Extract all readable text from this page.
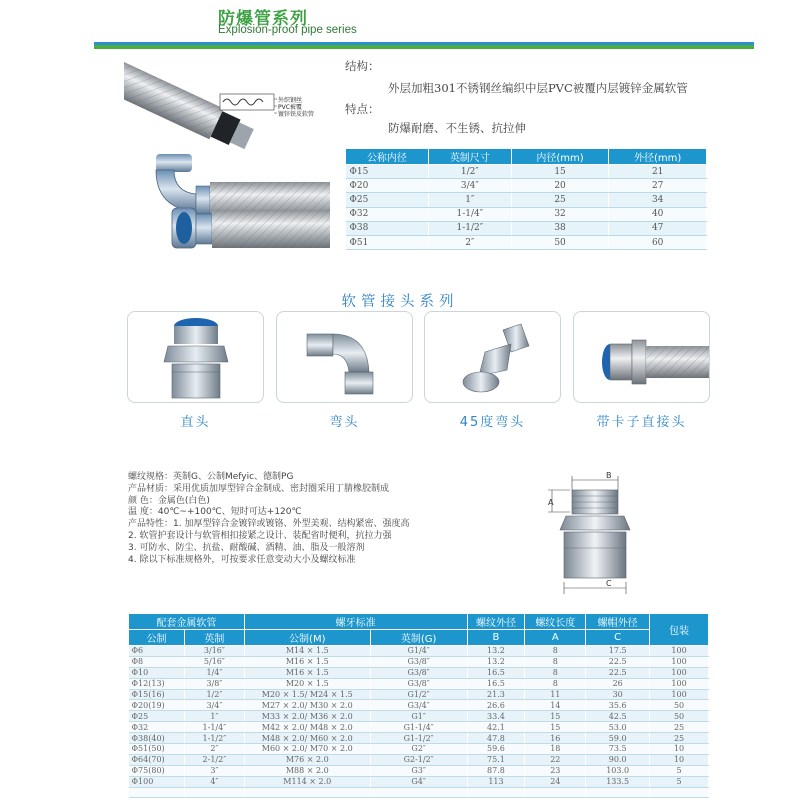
防爆管系列
Explosion-proof pipe series
外织钢丝
PVC被覆
镀锌铁皮软管
结构：
外层加粗301不锈钢丝编织中层PVC被覆内层镀锌金属软管
特点：
防爆耐磨、不生锈、抗拉伸
公称内径	英制尺寸	内径(mm)	外径(mm)
Φ15	1/2″	15	21
Φ20	3/4″	20	27
Φ25	1″	25	34
Φ32	1-1/4″	32	40
Φ38	1-1/2″	38	47
Φ51	2″	50	60
软管接头系列
直头	弯头	45度弯头	带卡子直接头
螺纹规格：英制G、公制Mefyic、德制PG
产品材质：采用优质加厚型锌合金制成、密封圈采用丁腈橡胶制成
颜 色：金属色(白色)
温 度：40℃~+100℃、短时可达+120℃
产品特性：1. 加厚型锌合金镀锌或镀铬、外型美观、结构紧密、强度高
2. 软管护套设计与软管相扣接紧之设计、装配省时便利，抗拉力强
3. 可防水、防尘、抗盐、耐酸碱、酒精、油、脂及一般溶剂
4. 除以下标准规格外，可按要求任意变动大小及螺纹标准
B
A
C
配套金属软管		螺牙标准		螺纹外径	螺纹长度	螺帽外径	包装
公制	英制	公制(M)	英制(G)	B	A	C	
Φ6	3/16″	M14 × 1.5	G1/4″	13.2	8	17.5	100
Φ8	5/16″	M16 × 1.5	G3/8″	13.2	8	22.5	100
Φ10	1/4″	M16 × 1.5	G3/8″	16.5	8	22.5	100
Φ12(13)	3/8″	M20 × 1.5	G3/8″	16.5	8	26	100
Φ15(16)	1/2″	M20 × 1.5/ M24 × 1.5	G1/2″	21.3	11	30	100
Φ20(19)	3/4″	M27 × 2.0/ M30 × 2.0	G3/4″	26.6	14	35.6	50
Φ25	1″	M33 × 2.0/ M36 × 2.0	G1″	33.4	15	42.5	50
Φ32	1-1/4″	M42 × 2.0/ M48 × 2.0	G1-1/4″	42.1	15	53.0	25
Φ38(40)	1-1/2″	M48 × 2.0/ M60 × 2.0	G1-1/2″	47.8	16	59.0	25
Φ51(50)	2″	M60 × 2.0/ M70 × 2.0	G2″	59.6	18	73.5	10
Φ64(70)	2-1/2″	M76 × 2.0	G2-1/2″	75.1	22	90.0	10
Φ75(80)	3″	M88 × 2.0	G3″	87.8	23	103.0	5
Φ100	4″	M114 × 2.0	G4″	113	24	133.5	5
